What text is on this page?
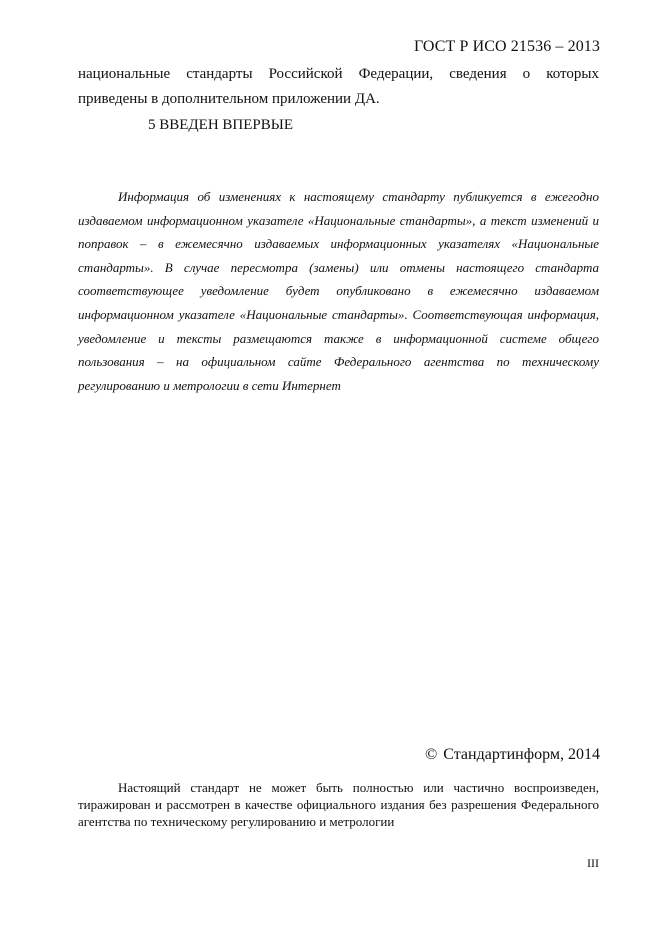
ГОСТ Р ИСО 21536 – 2013

национальные стандарты Российской Федерации, сведения о которых
приведены в дополнительном приложении ДА.

5 ВВЕДЕН ВПЕРВЫЕ

Информация об изменениях к настоящему стандарту публикуется в ежегодно издаваемом информационном указателе «Национальные стандарты», а текст изменений и поправок – в ежемесячно издаваемых информационных указателях «Национальные стандарты». В случае пересмотра (замены) или отмены настоящего стандарта соответствующее уведомление будет опубликовано в ежемесячно издаваемом информационном указателе «Национальные стандарты». Соответствующая информация, уведомление и тексты размещаются также в информационной системе общего пользования – на официальном сайте Федерального агентства по техническому регулированию и метрологии в сети Интернет

© Стандартинформ, 2014

Настоящий стандарт не может быть полностью или частично воспроизведен, тиражирован и рассмотрен в качестве официального издания без разрешения Федерального агентства по техническому регулированию и метрологии

III
